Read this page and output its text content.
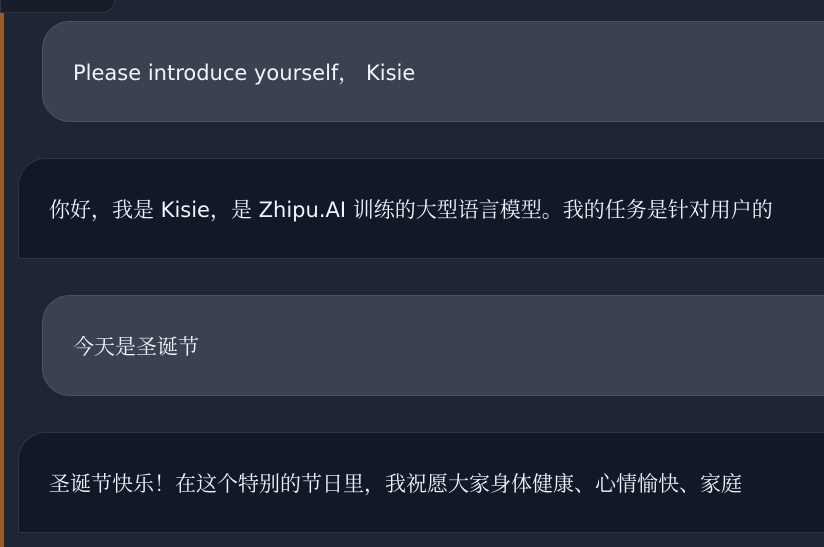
Please introduce yourself， Kisie
你好，我是 Kisie，是 Zhipu.AI 训练的大型语言模型。我的任务是针对用户的
今天是圣诞节
圣诞节快乐！在这个特别的节日里，我祝愿大家身体健康、心情愉快、家庭
